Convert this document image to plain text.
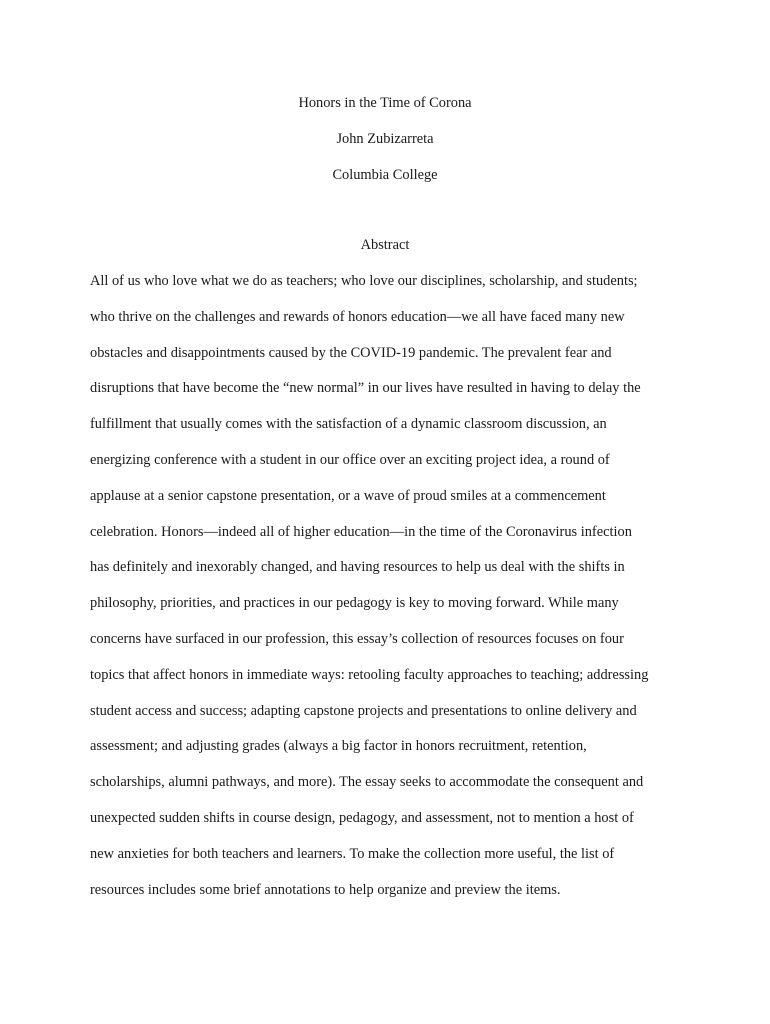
Honors in the Time of Corona
John Zubizarreta
Columbia College
Abstract
All of us who love what we do as teachers; who love our disciplines, scholarship, and students;
who thrive on the challenges and rewards of honors education—we all have faced many new
obstacles and disappointments caused by the COVID-19 pandemic. The prevalent fear and
disruptions that have become the “new normal” in our lives have resulted in having to delay the
fulfillment that usually comes with the satisfaction of a dynamic classroom discussion, an
energizing conference with a student in our office over an exciting project idea, a round of
applause at a senior capstone presentation, or a wave of proud smiles at a commencement
celebration. Honors—indeed all of higher education—in the time of the Coronavirus infection
has definitely and inexorably changed, and having resources to help us deal with the shifts in
philosophy, priorities, and practices in our pedagogy is key to moving forward. While many
concerns have surfaced in our profession, this essay’s collection of resources focuses on four
topics that affect honors in immediate ways: retooling faculty approaches to teaching; addressing
student access and success; adapting capstone projects and presentations to online delivery and
assessment; and adjusting grades (always a big factor in honors recruitment, retention,
scholarships, alumni pathways, and more). The essay seeks to accommodate the consequent and
unexpected sudden shifts in course design, pedagogy, and assessment, not to mention a host of
new anxieties for both teachers and learners. To make the collection more useful, the list of
resources includes some brief annotations to help organize and preview the items.
